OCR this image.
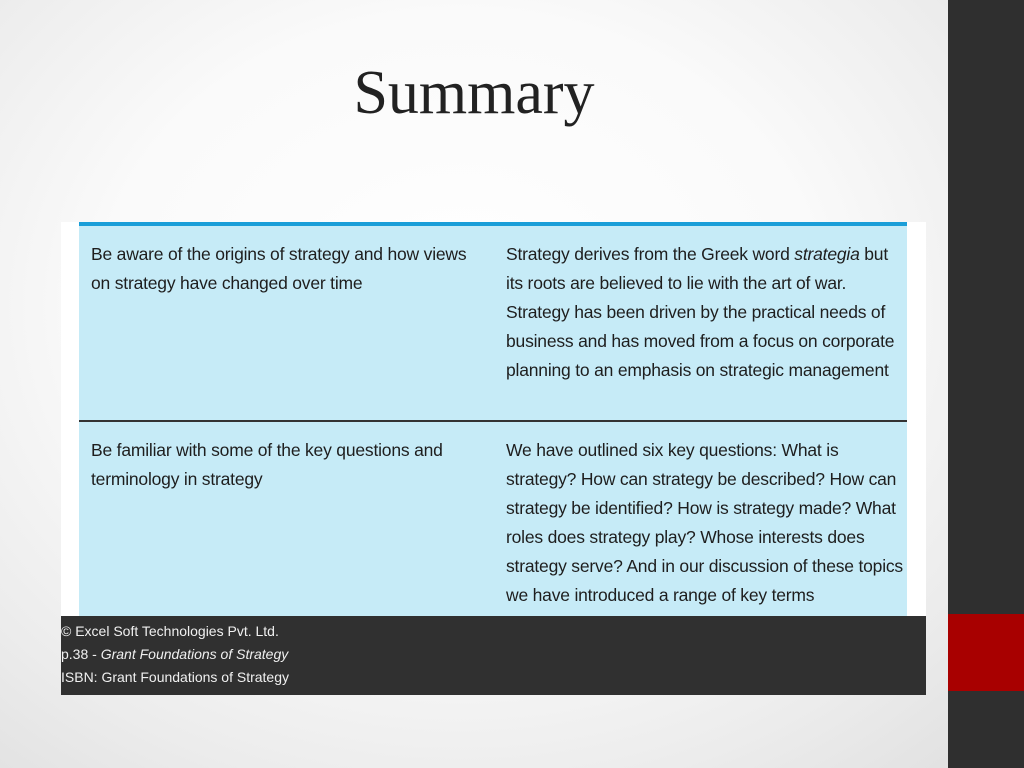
Summary
Be aware of the origins of strategy and how views on strategy have changed over time
Strategy derives from the Greek word strategia but its roots are believed to lie with the art of war. Strategy has been driven by the practical needs of business and has moved from a focus on corporate planning to an emphasis on strategic management
Be familiar with some of the key questions and terminology in strategy
We have outlined six key questions: What is strategy? How can strategy be described? How can strategy be identified? How is strategy made? What roles does strategy play? Whose interests does strategy serve? And in our discussion of these topics we have introduced a range of key terms
© Excel Soft Technologies Pvt. Ltd.
p.38 - Grant Foundations of Strategy
ISBN: Grant Foundations of Strategy
